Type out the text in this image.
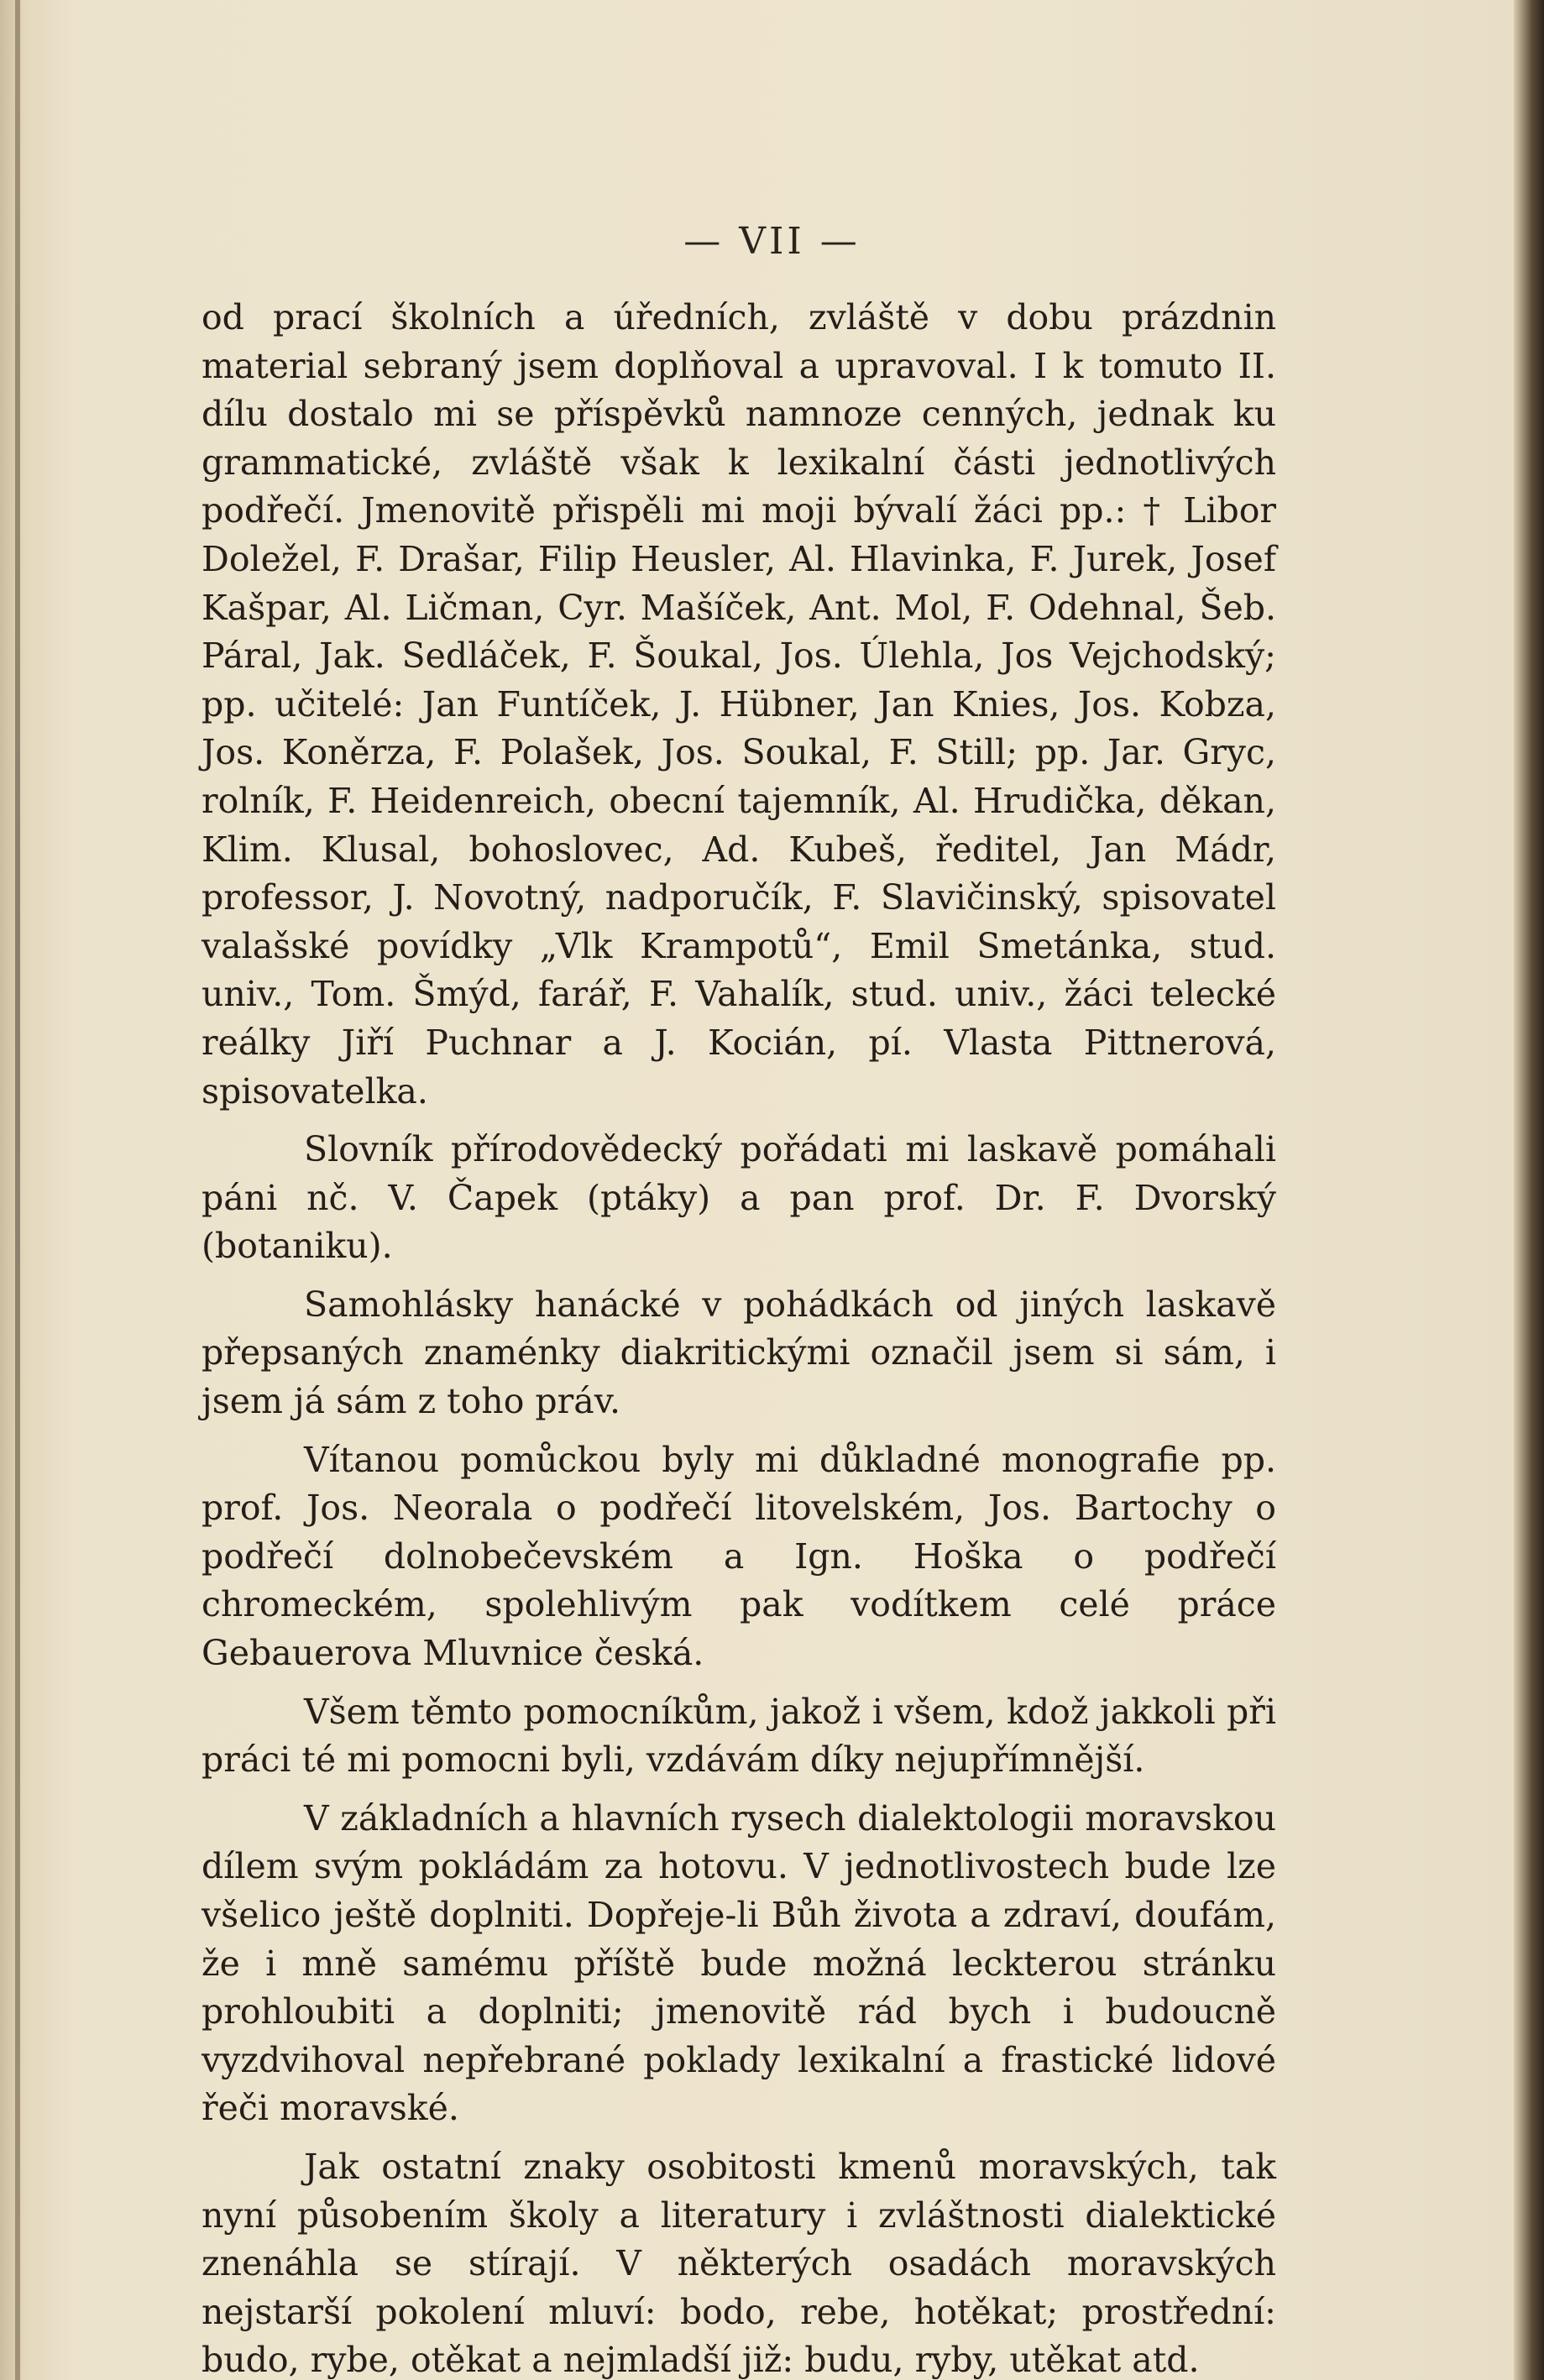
— VII —

od prací školních a úředních, zvláště v dobu prázdnin material sebraný jsem doplňoval a upravoval. I k tomuto II. dílu dostalo mi se příspěvků namnoze cenných, jednak ku grammatické, zvláště však k lexikalní části jednotlivých podřečí. Jmenovitě přispěli mi moji bývalí žáci pp.: † Libor Doležel, F. Drašar, Filip Heusler, Al. Hlavinka, F. Jurek, Josef Kašpar, Al. Ličman, Cyr. Mašíček, Ant. Mol, F. Odehnal, Šeb. Páral, Jak. Sedláček, F. Šoukal, Jos. Úlehla, Jos Vejchodský; pp. učitelé: Jan Funtíček, J. Hübner, Jan Knies, Jos. Kobza, Jos. Koněrza, F. Polašek, Jos. Soukal, F. Still; pp. Jar. Gryc, rolník, F. Heidenreich, obecní tajemník, Al. Hrudička, děkan, Klim. Klusal, bohoslovec, Ad. Kubeš, ředitel, Jan Mádr, professor, J. Novotný, nadporučík, F. Slavičinský, spisovatel valašské povídky „Vlk Krampotů“, Emil Smetánka, stud. univ., Tom. Šmýd, farář, F. Vahalík, stud. univ., žáci telecké reálky Jiří Puchnar a J. Kocián, pí. Vlasta Pittnerová, spisovatelka.

Slovník přírodovědecký pořádati mi laskavě pomáhali páni nč. V. Čapek (ptáky) a pan prof. Dr. F. Dvorský (botaniku).

Samohlásky hanácké v pohádkách od jiných laskavě přepsaných znaménky diakritickými označil jsem si sám, i jsem já sám z toho práv.

Vítanou pomůckou byly mi důkladné monografie pp. prof. Jos. Neorala o podřečí litovelském, Jos. Bartochy o podřečí dolnobečevském a Ign. Hoška o podřečí chromeckém, spolehlivým pak vodítkem celé práce Gebauerova Mluvnice česká.

Všem těmto pomocníkům, jakož i všem, kdož jakkoli při práci té mi pomocni byli, vzdávám díky nejupřímnější.

V základních a hlavních rysech dialektologii moravskou dílem svým pokládám za hotovu. V jednotlivostech bude lze všelico ještě doplniti. Dopřeje-li Bůh života a zdraví, doufám, že i mně samému příště bude možná leckterou stránku prohloubiti a doplniti; jmenovitě rád bych i budoucně vyzdvihoval nepřebrané poklady lexikalní a frastické lidové řeči moravské.

Jak ostatní znaky osobitosti kmenů moravských, tak nyní působením školy a literatury i zvláštnosti dialektické znenáhla se stírají. V některých osadách moravských nejstarší pokolení mluví: bodo, rebe, hotěkat; prostřední: budo, rybe, otěkat a nejmladší již: budu, ryby, utěkat atd.
